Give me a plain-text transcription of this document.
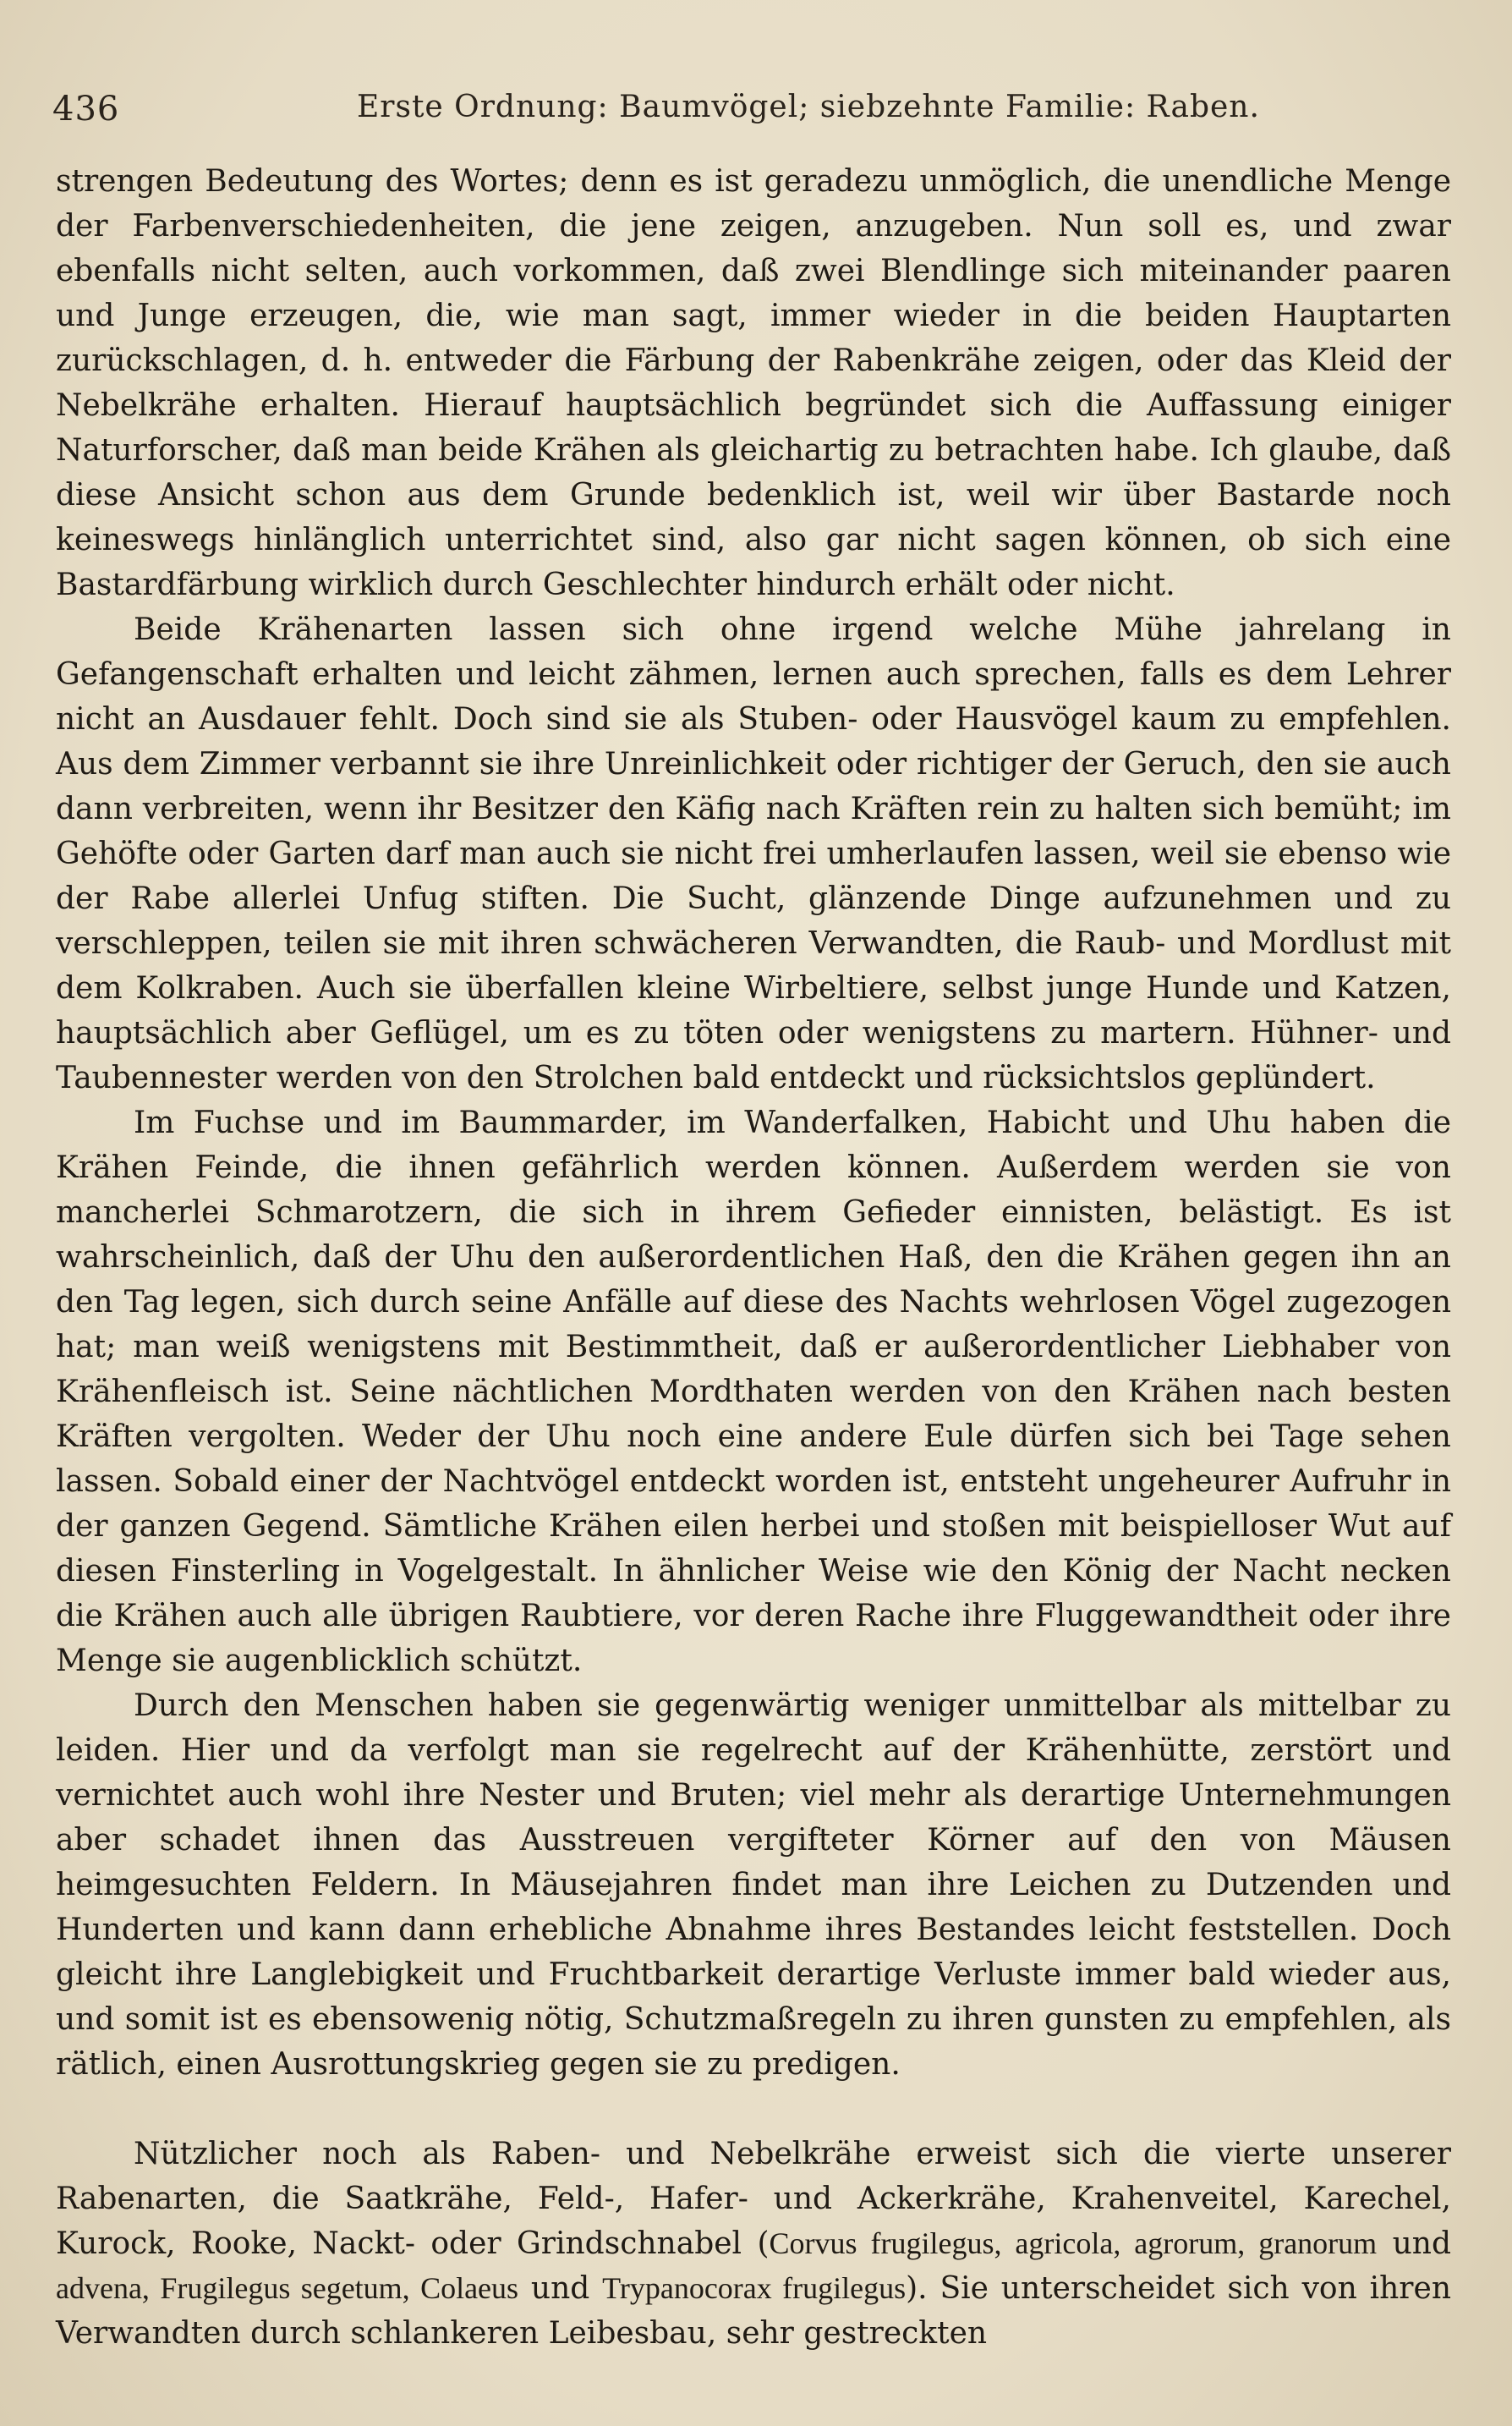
436	Erste Ordnung: Baumvögel; siebzehnte Familie: Raben.

strengen Bedeutung des Wortes; denn es ist geradezu unmöglich, die unendliche Menge der Farbenverschiedenheiten, die jene zeigen, anzugeben. Nun soll es, und zwar ebenfalls nicht selten, auch vorkommen, daß zwei Blendlinge sich miteinander paaren und Junge erzeugen, die, wie man sagt, immer wieder in die beiden Hauptarten zurückschlagen, d. h. entweder die Färbung der Rabenkrähe zeigen, oder das Kleid der Nebelkrähe erhalten. Hierauf hauptsächlich begründet sich die Auffassung einiger Naturforscher, daß man beide Krähen als gleichartig zu betrachten habe. Ich glaube, daß diese Ansicht schon aus dem Grunde bedenklich ist, weil wir über Bastarde noch keineswegs hinlänglich unterrichtet sind, also gar nicht sagen können, ob sich eine Bastardfärbung wirklich durch Geschlechter hindurch erhält oder nicht.

Beide Krähenarten lassen sich ohne irgend welche Mühe jahrelang in Gefangenschaft erhalten und leicht zähmen, lernen auch sprechen, falls es dem Lehrer nicht an Ausdauer fehlt. Doch sind sie als Stuben- oder Hausvögel kaum zu empfehlen. Aus dem Zimmer verbannt sie ihre Unreinlichkeit oder richtiger der Geruch, den sie auch dann verbreiten, wenn ihr Besitzer den Käfig nach Kräften rein zu halten sich bemüht; im Gehöfte oder Garten darf man auch sie nicht frei umherlaufen lassen, weil sie ebenso wie der Rabe allerlei Unfug stiften. Die Sucht, glänzende Dinge aufzunehmen und zu verschleppen, teilen sie mit ihren schwächeren Verwandten, die Raub- und Mordlust mit dem Kolkraben. Auch sie überfallen kleine Wirbeltiere, selbst junge Hunde und Katzen, hauptsächlich aber Geflügel, um es zu töten oder wenigstens zu martern. Hühner- und Taubennester werden von den Strolchen bald entdeckt und rücksichtslos geplündert.

Im Fuchse und im Baummarder, im Wanderfalken, Habicht und Uhu haben die Krähen Feinde, die ihnen gefährlich werden können. Außerdem werden sie von mancherlei Schmarotzern, die sich in ihrem Gefieder einnisten, belästigt. Es ist wahrscheinlich, daß der Uhu den außerordentlichen Haß, den die Krähen gegen ihn an den Tag legen, sich durch seine Anfälle auf diese des Nachts wehrlosen Vögel zugezogen hat; man weiß wenigstens mit Bestimmtheit, daß er außerordentlicher Liebhaber von Krähenfleisch ist. Seine nächtlichen Mordthaten werden von den Krähen nach besten Kräften vergolten. Weder der Uhu noch eine andere Eule dürfen sich bei Tage sehen lassen. Sobald einer der Nachtvögel entdeckt worden ist, entsteht ungeheurer Aufruhr in der ganzen Gegend. Sämtliche Krähen eilen herbei und stoßen mit beispielloser Wut auf diesen Finsterling in Vogelgestalt. In ähnlicher Weise wie den König der Nacht necken die Krähen auch alle übrigen Raubtiere, vor deren Rache ihre Fluggewandtheit oder ihre Menge sie augenblicklich schützt.

Durch den Menschen haben sie gegenwärtig weniger unmittelbar als mittelbar zu leiden. Hier und da verfolgt man sie regelrecht auf der Krähenhütte, zerstört und vernichtet auch wohl ihre Nester und Bruten; viel mehr als derartige Unternehmungen aber schadet ihnen das Ausstreuen vergifteter Körner auf den von Mäusen heimgesuchten Feldern. In Mäusejahren findet man ihre Leichen zu Dutzenden und Hunderten und kann dann erhebliche Abnahme ihres Bestandes leicht feststellen. Doch gleicht ihre Langlebigkeit und Fruchtbarkeit derartige Verluste immer bald wieder aus, und somit ist es ebensowenig nötig, Schutzmaßregeln zu ihren gunsten zu empfehlen, als rätlich, einen Ausrottungskrieg gegen sie zu predigen.

Nützlicher noch als Raben- und Nebelkrähe erweist sich die vierte unserer Rabenarten, die Saatkrähe, Feld-, Hafer- und Ackerkrähe, Krahenveitel, Karechel, Kurock, Rooke, Nackt- oder Grindschnabel (Corvus frugilegus, agricola, agrorum, granorum und advena, Frugilegus segetum, Colaeus und Trypanocorax frugilegus). Sie unterscheidet sich von ihren Verwandten durch schlankeren Leibesbau, sehr gestreckten
